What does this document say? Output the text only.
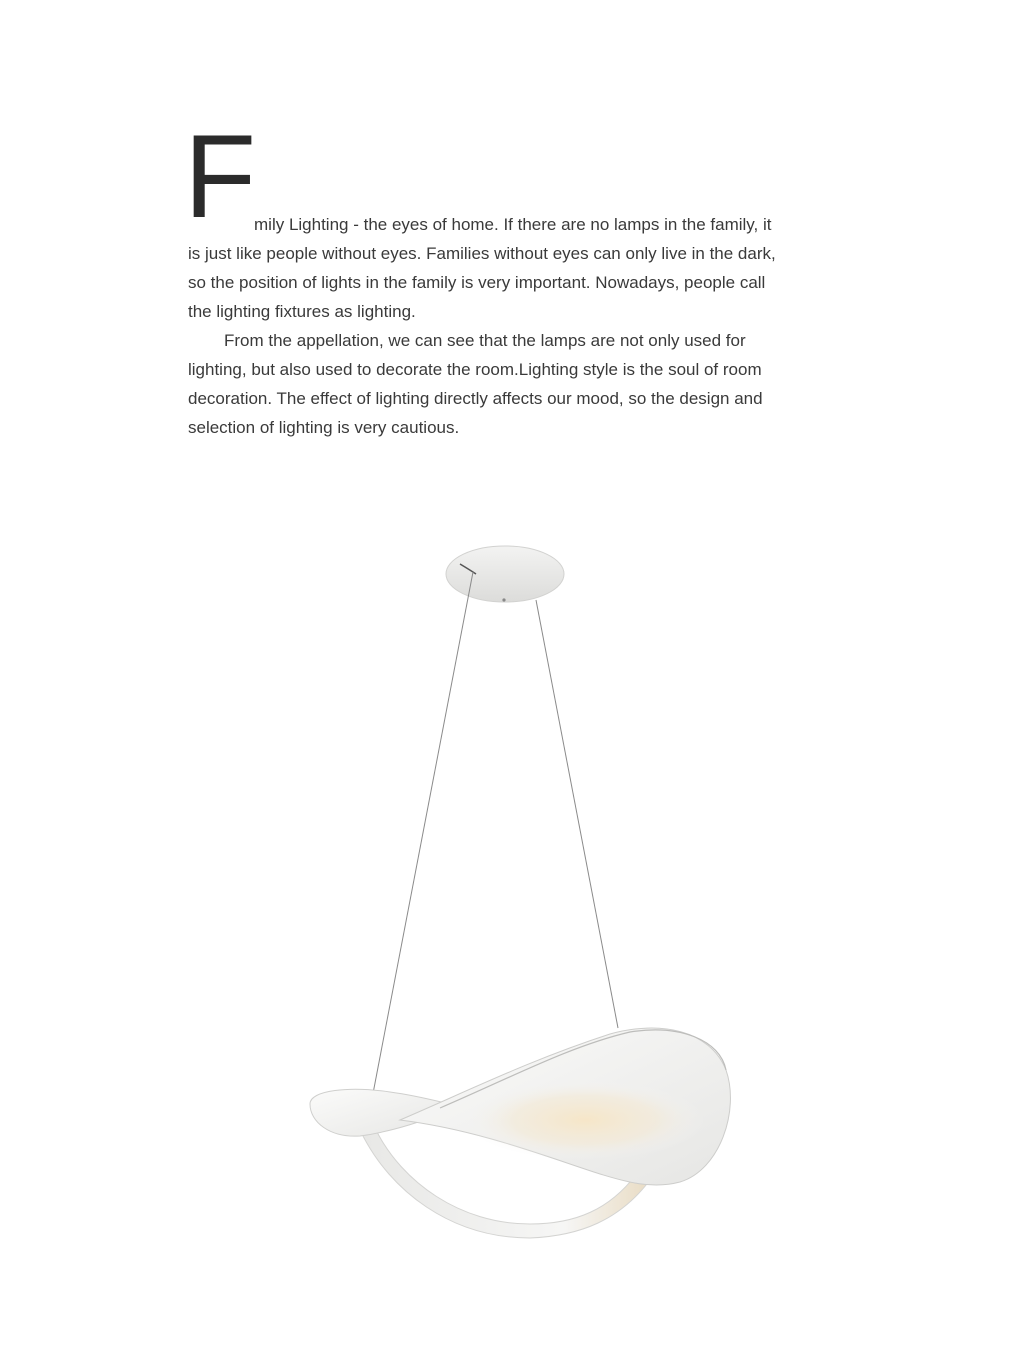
F mily Lighting - the eyes of home. If there are no lamps in the family, it
is just like people without eyes. Families without eyes can only live in the dark,
so the position of lights in the family is very important. Nowadays, people call
the lighting fixtures as lighting.
From the appellation, we can see that the lamps are not only used for
lighting, but also used to decorate the room.Lighting style is the soul of room
decoration. The effect of lighting directly affects our mood, so the design and
selection of lighting is very cautious.
